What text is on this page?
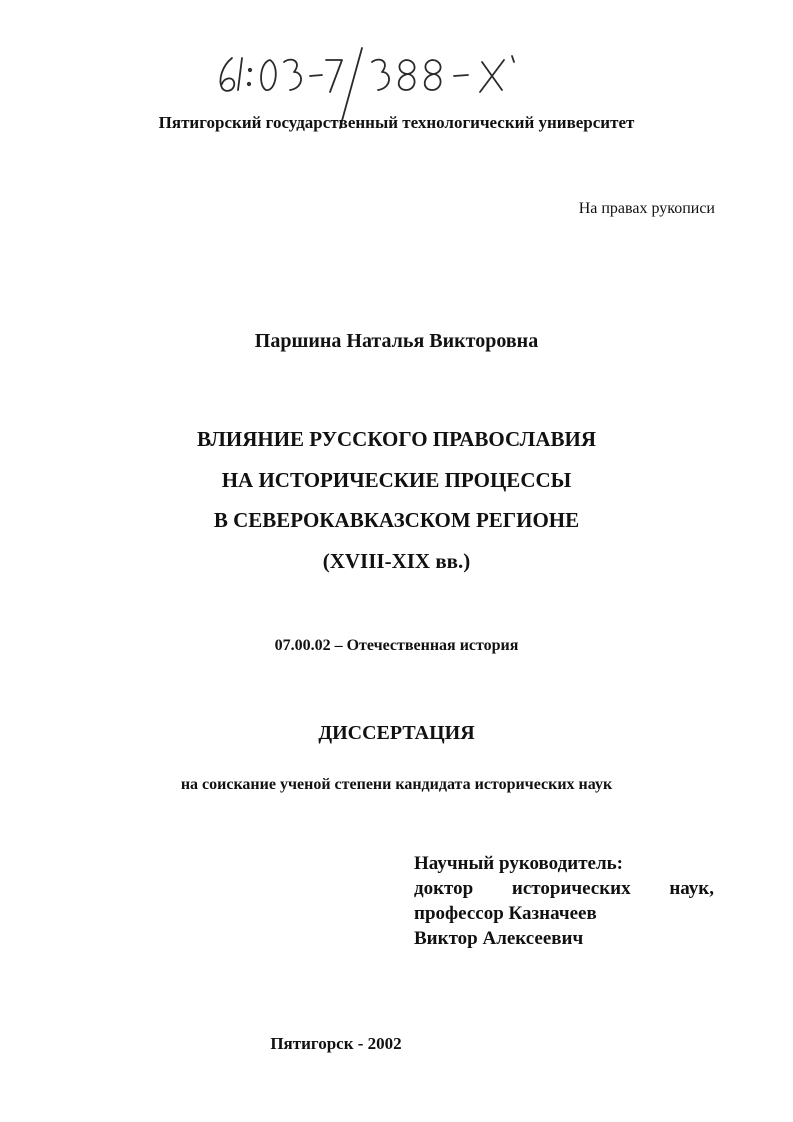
Пятигорский государственный технологический университет
На правах рукописи
Паршина Наталья Викторовна
ВЛИЯНИЕ РУССКОГО ПРАВОСЛАВИЯ
НА ИСТОРИЧЕСКИЕ ПРОЦЕССЫ
В СЕВЕРОКАВКАЗСКОМ РЕГИОНЕ
(XVIII-XIX вв.)
07.00.02 – Отечественная история
ДИССЕРТАЦИЯ
на соискание ученой степени кандидата исторических наук
Научный руководитель:
доктор исторических наук,
профессор Казначеев
Виктор Алексеевич
Пятигорск - 2002
